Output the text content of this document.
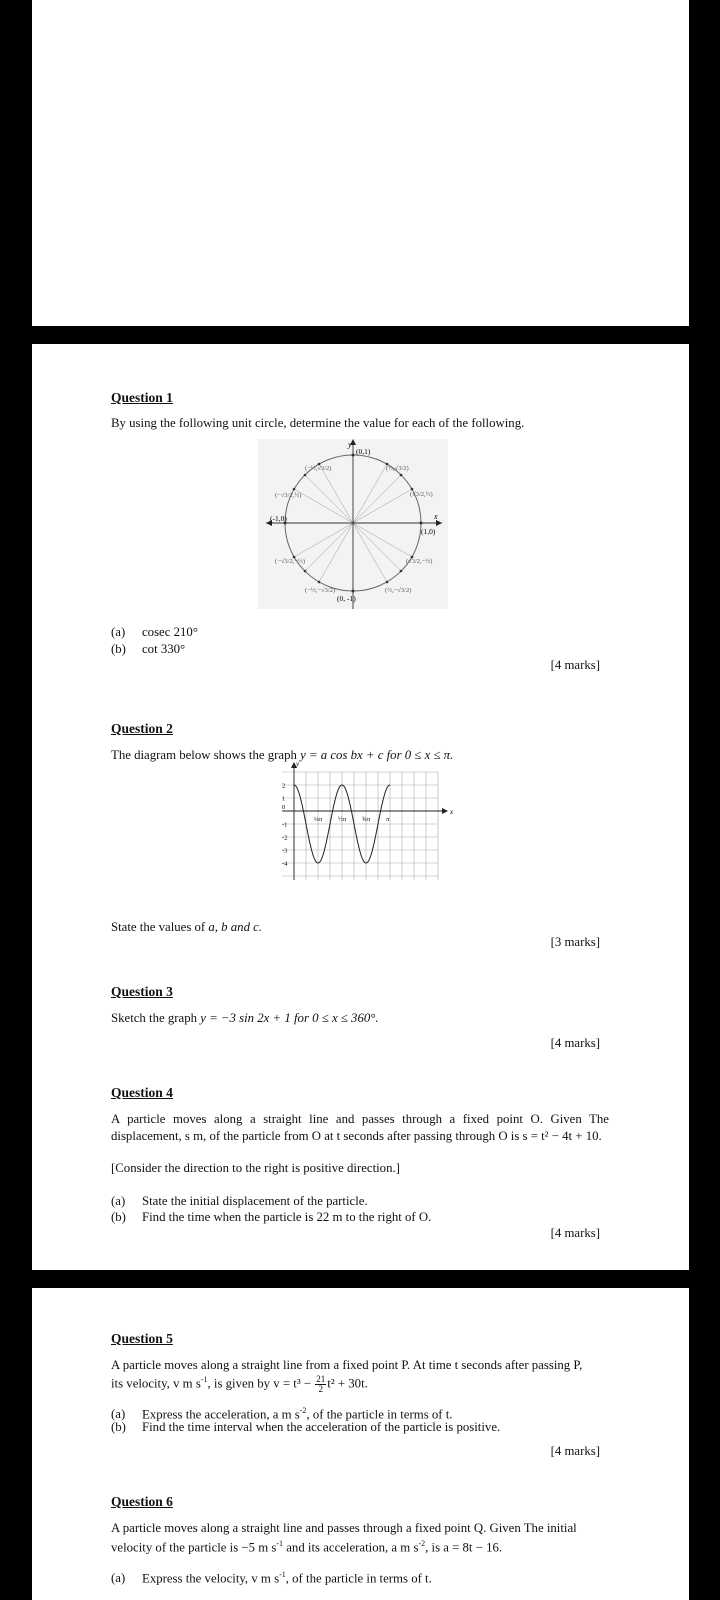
Question 1

By using the following unit circle, determine the value for each of the following.

y
x
(0,1)
(0, -1)
(-1,0)
(1,0)
(−½,√3/2)	(½,√3/2)
(−√3/2,½)	(√3/2,½)
(−√3/2,−½)	(√3/2,−½)
(−½,−√3/2)	(½,−√3/2)

(a) cosec 210°

(b) cot 330°

[4 marks]

Question 2

The diagram below shows the graph y = a cos bx + c for 0 ≤ x ≤ π.

y
x
2
1
0
-1
-2
-3
-4
¼π ½π ¾π π

State the values of a, b and c.

[3 marks]

Question 3

Sketch the graph y = −3 sin 2x + 1 for 0 ≤ x ≤ 360°.

[4 marks]

Question 4

A particle moves along a straight line and passes through a fixed point O. Given The displacement, s m, of the particle from O at t seconds after passing through O is s = t² − 4t + 10.

[Consider the direction to the right is positive direction.]

(a) State the initial displacement of the particle.

(b) Find the time when the particle is 22 m to the right of O.

[4 marks]

Question 5

A particle moves along a straight line from a fixed point P. At time t seconds after passing P,

its velocity, v m $s^{-1}$, is given by $v = t^3 - \frac{21}{2} t^2 + 30t$.

(a) Express the acceleration, a m $s^{-2}$, of the particle in terms of t.

(b) Find the time interval when the acceleration of the particle is positive.

[4 marks]

Question 6

A particle moves along a straight line and passes through a fixed point Q. Given The initial

velocity of the particle is −5 m $s^{-1}$ and its acceleration, a m $s^{-2}$, is a = 8t − 16.

(a) Express the velocity, v m $s^{-1}$, of the particle in terms of t.
